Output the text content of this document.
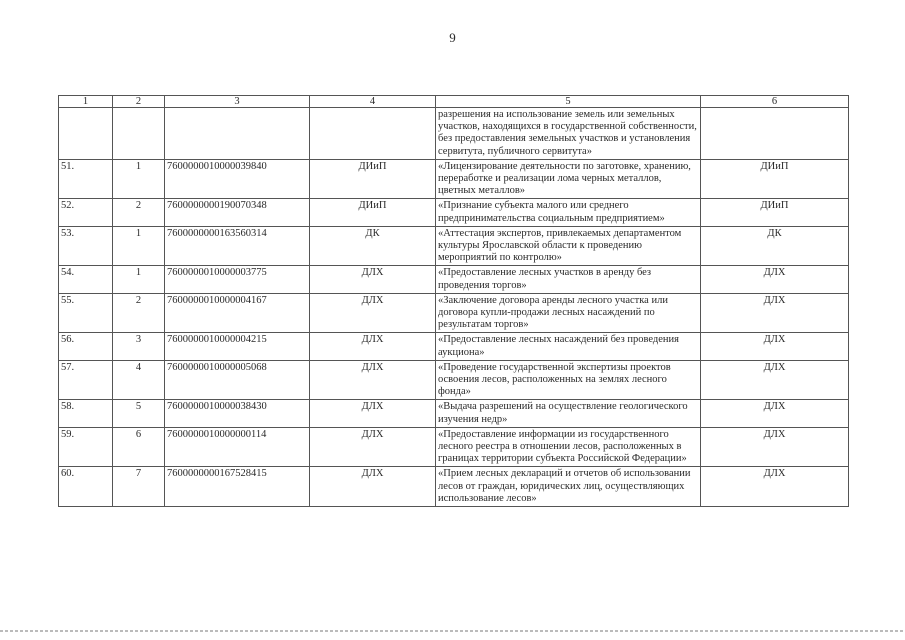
9
1	2	3	4	5	6
				разрешения на использование земель или земельных участков, находящихся в государственной собственности, без предоставления земельных участков и установления сервитута, публичного сервитута»	
51.	1	7600000010000039840	ДИиП	«Лицензирование деятельности по заготовке, хранению, переработке и реализации лома черных металлов, цветных металлов»	ДИиП
52.	2	7600000000190070348	ДИиП	«Признание субъекта малого или среднего предпринимательства социальным предприятием»	ДИиП
53.	1	7600000000163560314	ДК	«Аттестация экспертов, привлекаемых департаментом культуры Ярославской области к проведению мероприятий по контролю»	ДК
54.	1	7600000010000003775	ДЛХ	«Предоставление лесных участков в аренду без проведения торгов»	ДЛХ
55.	2	7600000010000004167	ДЛХ	«Заключение договора аренды лесного участка или договора купли-продажи лесных насаждений по результатам торгов»	ДЛХ
56.	3	7600000010000004215	ДЛХ	«Предоставление лесных насаждений без проведения аукциона»	ДЛХ
57.	4	7600000010000005068	ДЛХ	«Проведение государственной экспертизы проектов освоения лесов, расположенных на землях лесного фонда»	ДЛХ
58.	5	7600000010000038430	ДЛХ	«Выдача разрешений на осуществление геологического изучения недр»	ДЛХ
59.	6	7600000010000000114	ДЛХ	«Предоставление информации из государственного лесного реестра в отношении лесов, расположенных в границах территории субъекта Российской Федерации»	ДЛХ
60.	7	7600000000167528415	ДЛХ	«Прием лесных деклараций и отчетов об использовании лесов от граждан, юридических лиц, осуществляющих использование лесов»	ДЛХ
